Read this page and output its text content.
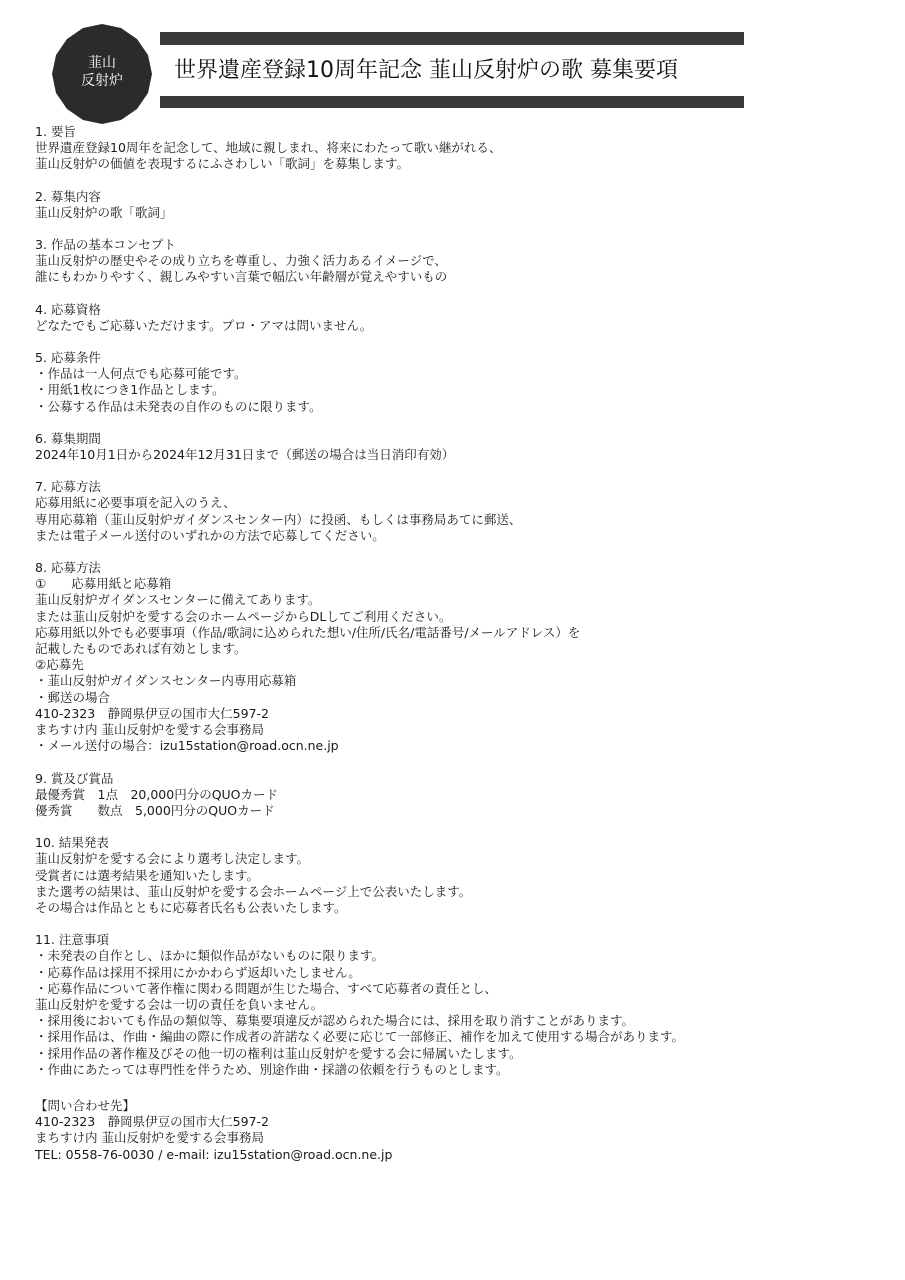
韮山
反射炉	世界遺産登録10周年記念 韮山反射炉の歌 募集要項
1. 要旨
世界遺産登録10周年を記念して、地域に親しまれ、将来にわたって歌い継がれる、
韮山反射炉の価値を表現するにふさわしい「歌詞」を募集します。
2. 募集内容
韮山反射炉の歌「歌詞」
3. 作品の基本コンセプト
韮山反射炉の歴史やその成り立ちを尊重し、力強く活力あるイメージで、
誰にもわかりやすく、親しみやすい言葉で幅広い年齢層が覚えやすいもの
4. 応募資格
どなたでもご応募いただけます。プロ・アマは問いません。
5. 応募条件
・作品は一人何点でも応募可能です。
・用紙1枚につき1作品とします。
・公募する作品は未発表の自作のものに限ります。
6. 募集期間
2024年10月1日から2024年12月31日まで（郵送の場合は当日消印有効）
7. 応募方法
応募用紙に必要事項を記入のうえ、
専用応募箱（韮山反射炉ガイダンスセンター内）に投函、もしくは事務局あてに郵送、
または電子メール送付のいずれかの方法で応募してください。
8. 応募方法
①　　応募用紙と応募箱
韮山反射炉ガイダンスセンターに備えてあります。
または韮山反射炉を愛する会のホームページからDLしてご利用ください。
応募用紙以外でも必要事項（作品/歌詞に込められた想い/住所/氏名/電話番号/メールアドレス）を
記載したものであれば有効とします。
②応募先
・韮山反射炉ガイダンスセンター内専用応募箱
・郵送の場合
410-2323　静岡県伊豆の国市大仁597-2
まちすけ内 韮山反射炉を愛する会事務局
・メール送付の場合：izu15station@road.ocn.ne.jp
9. 賞及び賞品
最優秀賞　1点　20,000円分のQUOカード
優秀賞　　数点　5,000円分のQUOカード
10. 結果発表
韮山反射炉を愛する会により選考し決定します。
受賞者には選考結果を通知いたします。
また選考の結果は、韮山反射炉を愛する会ホームページ上で公表いたします。
その場合は作品とともに応募者氏名も公表いたします。
11. 注意事項
・未発表の自作とし、ほかに類似作品がないものに限ります。
・応募作品は採用不採用にかかわらず返却いたしません。
・応募作品について著作権に関わる問題が生じた場合、すべて応募者の責任とし、
韮山反射炉を愛する会は一切の責任を負いません。
・採用後においても作品の類似等、募集要項違反が認められた場合には、採用を取り消すことがあります。
・採用作品は、作曲・編曲の際に作成者の許諾なく必要に応じて一部修正、補作を加えて使用する場合があります。
・採用作品の著作権及びその他一切の権利は韮山反射炉を愛する会に帰属いたします。
・作曲にあたっては専門性を伴うため、別途作曲・採譜の依頼を行うものとします。
【問い合わせ先】
410-2323　静岡県伊豆の国市大仁597-2
まちすけ内 韮山反射炉を愛する会事務局
TEL: 0558-76-0030 / e-mail: izu15station@road.ocn.ne.jp
